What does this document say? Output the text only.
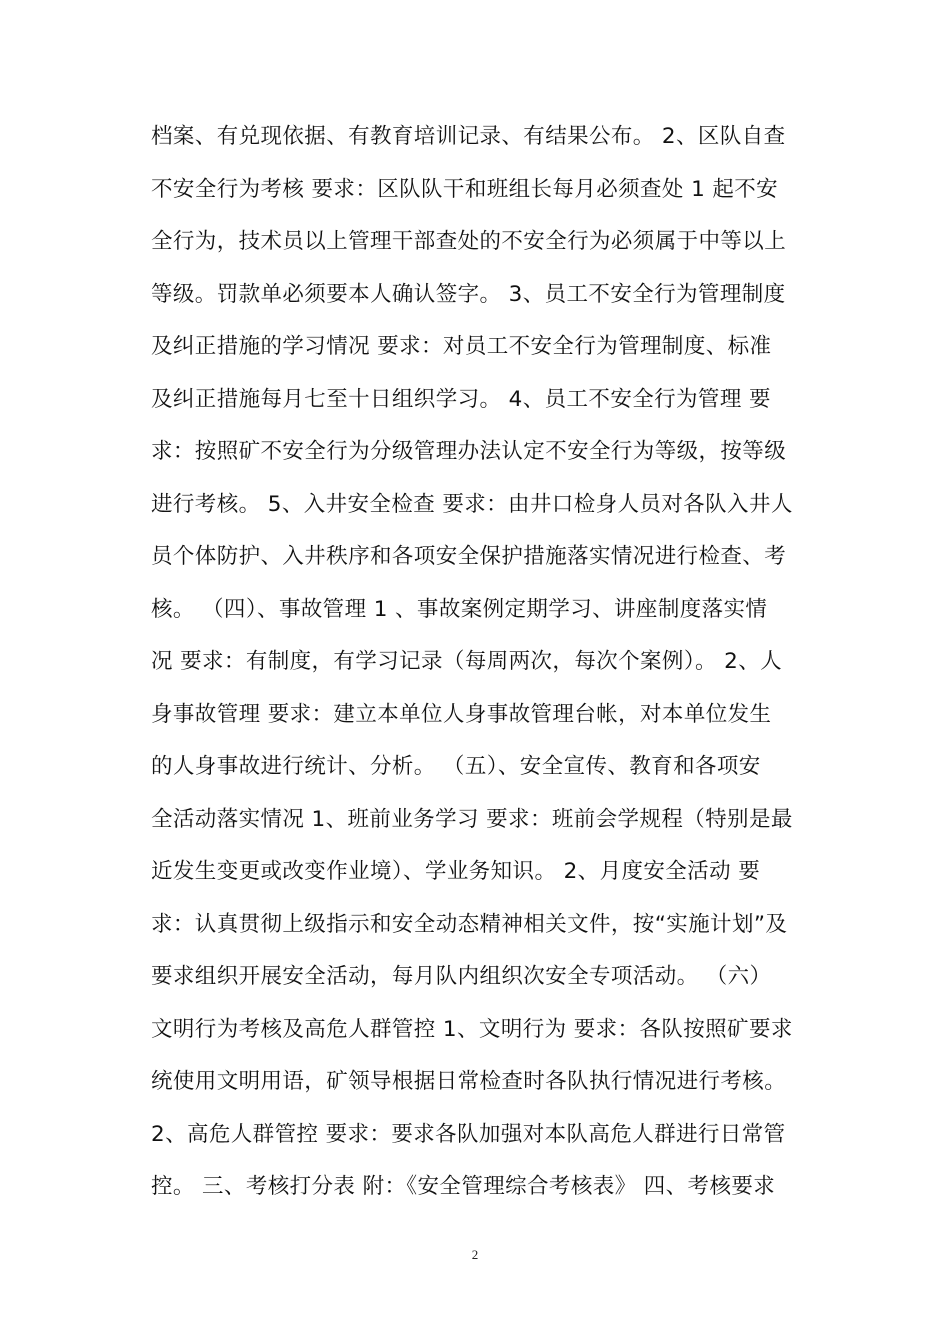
档案、有兑现依据、有教育培训记录、有结果公布。 2、区队自查
不安全行为考核 要求：区队队干和班组长每月必须查处 1 起不安
全行为，技术员以上管理干部查处的不安全行为必须属于中等以上
等级。罚款单必须要本人确认签字。 3、员工不安全行为管理制度
及纠正措施的学习情况 要求：对员工不安全行为管理制度、标准
及纠正措施每月七至十日组织学习。 4、员工不安全行为管理 要
求：按照矿不安全行为分级管理办法认定不安全行为等级，按等级
进行考核。 5、入井安全检查 要求：由井口检身人员对各队入井人
员个体防护、入井秩序和各项安全保护措施落实情况进行检查、考
核。 （四）、事故管理 1 、事故案例定期学习、讲座制度落实情
况 要求：有制度，有学习记录（每周两次，每次个案例）。 2、人
身事故管理 要求：建立本单位人身事故管理台帐，对本单位发生
的人身事故进行统计、分析。 （五）、安全宣传、教育和各项安
全活动落实情况 1、班前业务学习 要求：班前会学规程（特别是最
近发生变更或改变作业境）、学业务知识。 2、月度安全活动 要
求：认真贯彻上级指示和安全动态精神相关文件，按“实施计划”及
要求组织开展安全活动，每月队内组织次安全专项活动。 （六）
文明行为考核及高危人群管控 1、文明行为 要求：各队按照矿要求
统使用文明用语，矿领导根据日常检查时各队执行情况进行考核。
2、高危人群管控 要求：要求各队加强对本队高危人群进行日常管
控。 三、考核打分表 附：《安全管理综合考核表》 四、考核要求
2
